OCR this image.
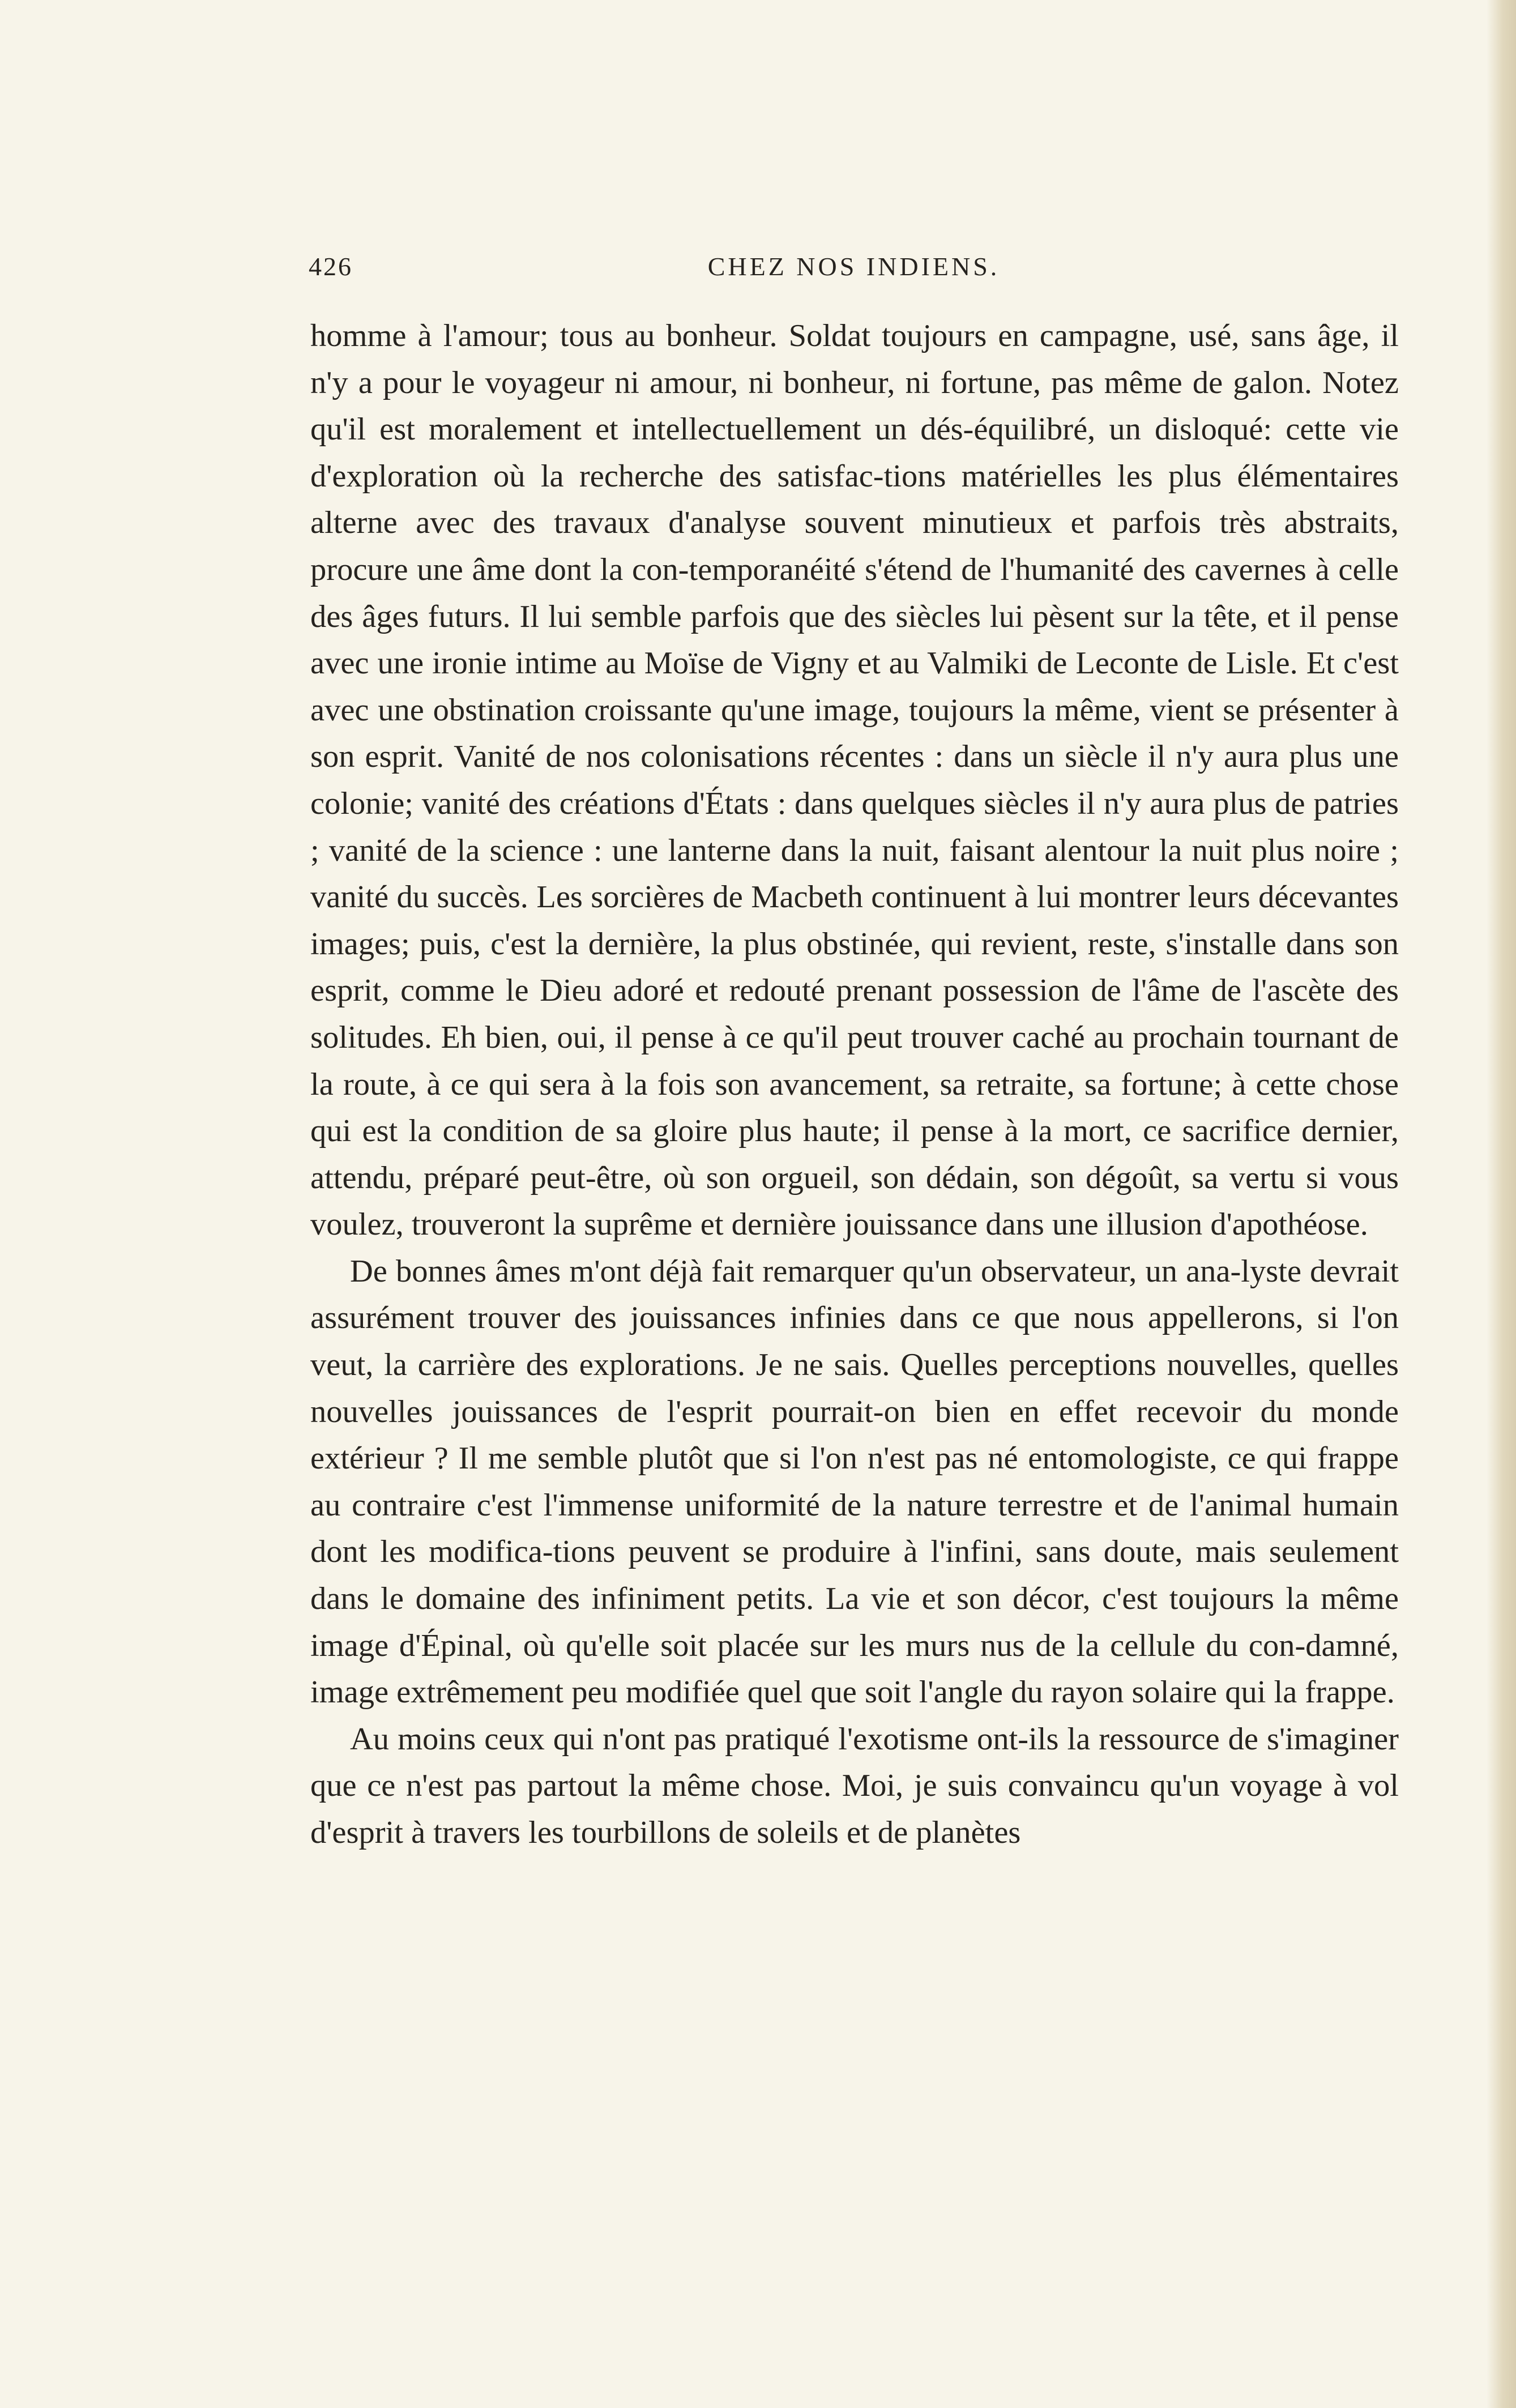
426	CHEZ NOS INDIENS.

homme à l'amour; tous au bonheur. Soldat toujours en campagne, usé, sans âge, il n'y a pour le voyageur ni amour, ni bonheur, ni fortune, pas même de galon. Notez qu'il est moralement et intellectuellement un dés-équilibré, un disloqué: cette vie d'exploration où la recherche des satisfac-tions matérielles les plus élémentaires alterne avec des travaux d'analyse souvent minutieux et parfois très abstraits, procure une âme dont la con-temporanéité s'étend de l'humanité des cavernes à celle des âges futurs. Il lui semble parfois que des siècles lui pèsent sur la tête, et il pense avec une ironie intime au Moïse de Vigny et au Valmiki de Leconte de Lisle. Et c'est avec une obstination croissante qu'une image, toujours la même, vient se présenter à son esprit. Vanité de nos colonisations récentes : dans un siècle il n'y aura plus une colonie; vanité des créations d'États : dans quelques siècles il n'y aura plus de patries ; vanité de la science : une lanterne dans la nuit, faisant alentour la nuit plus noire ; vanité du succès. Les sorcières de Macbeth continuent à lui montrer leurs décevantes images; puis, c'est la dernière, la plus obstinée, qui revient, reste, s'installe dans son esprit, comme le Dieu adoré et redouté prenant possession de l'âme de l'ascète des solitudes. Eh bien, oui, il pense à ce qu'il peut trouver caché au prochain tournant de la route, à ce qui sera à la fois son avancement, sa retraite, sa fortune; à cette chose qui est la condition de sa gloire plus haute; il pense à la mort, ce sacrifice dernier, attendu, préparé peut-être, où son orgueil, son dédain, son dégoût, sa vertu si vous voulez, trouveront la suprême et dernière jouissance dans une illusion d'apothéose.

De bonnes âmes m'ont déjà fait remarquer qu'un observateur, un ana-lyste devrait assurément trouver des jouissances infinies dans ce que nous appellerons, si l'on veut, la carrière des explorations. Je ne sais. Quelles perceptions nouvelles, quelles nouvelles jouissances de l'esprit pourrait-on bien en effet recevoir du monde extérieur ? Il me semble plutôt que si l'on n'est pas né entomologiste, ce qui frappe au contraire c'est l'immense uniformité de la nature terrestre et de l'animal humain dont les modifica-tions peuvent se produire à l'infini, sans doute, mais seulement dans le domaine des infiniment petits. La vie et son décor, c'est toujours la même image d'Épinal, où qu'elle soit placée sur les murs nus de la cellule du con-damné, image extrêmement peu modifiée quel que soit l'angle du rayon solaire qui la frappe.

Au moins ceux qui n'ont pas pratiqué l'exotisme ont-ils la ressource de s'imaginer que ce n'est pas partout la même chose. Moi, je suis convaincu qu'un voyage à vol d'esprit à travers les tourbillons de soleils et de planètes
